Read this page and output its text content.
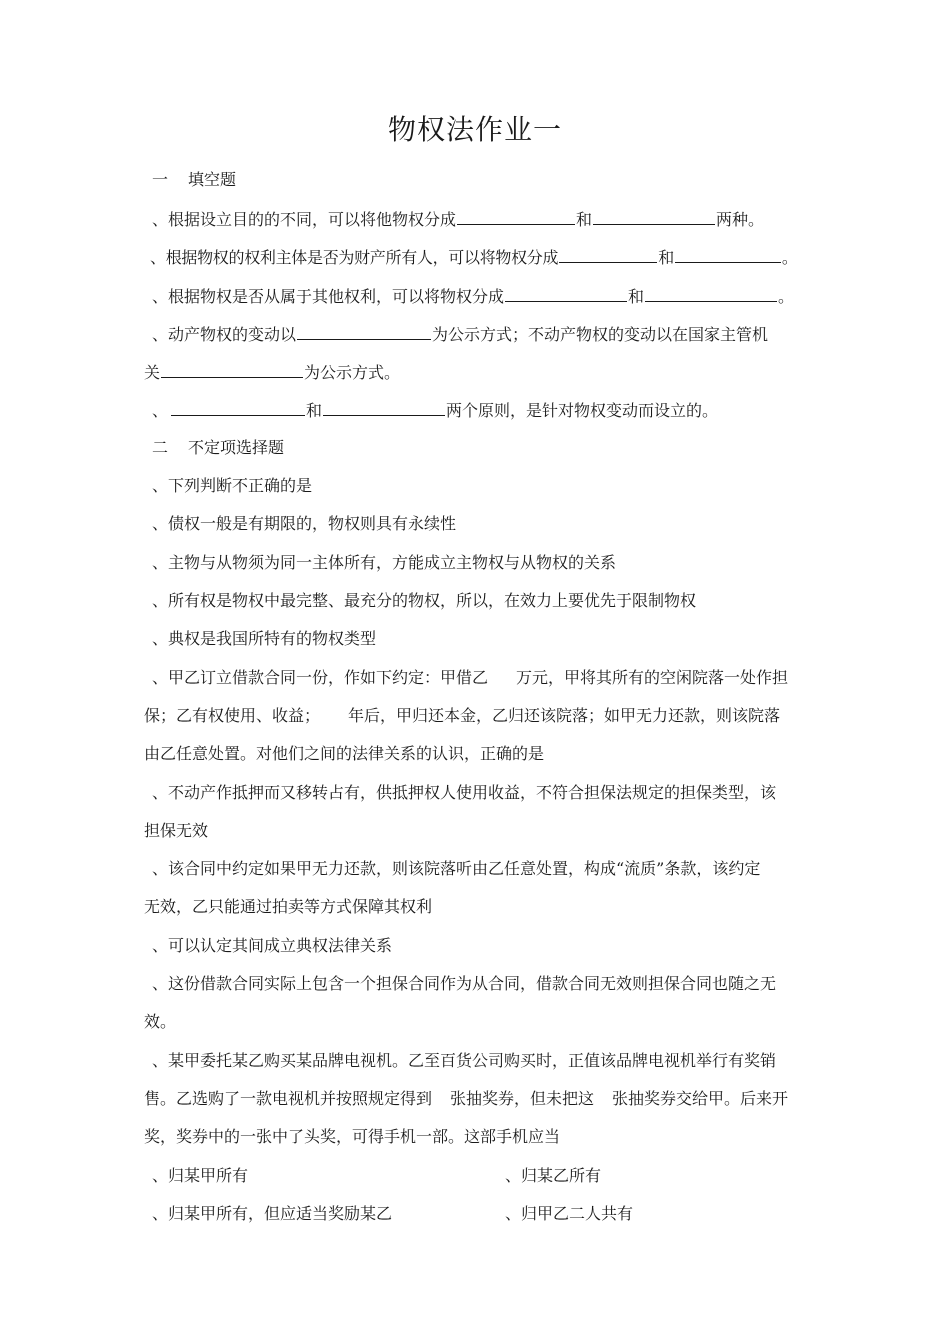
物权法作业一
一 填空题
、根据设立目的的不同，可以将他物权分成	和	两种。
、根据物权的权利主体是否为财产所有人，可以将物权分成	和	。
、根据物权是否从属于其他权利，可以将物权分成	和	。
、动产物权的变动以	为公示方式；不动产物权的变动以在国家主管机
关	为公示方式。
、	和	两个原则，是针对物权变动而设立的。
二 不定项选择题
、下列判断不正确的是
、债权一般是有期限的，物权则具有永续性
、主物与从物须为同一主体所有，方能成立主物权与从物权的关系
、所有权是物权中最完整、最充分的物权，所以，在效力上要优先于限制物权
、典权是我国所特有的物权类型
、甲乙订立借款合同一份，作如下约定：甲借乙 万元，甲将其所有的空闲院落一处作担
保；乙有权使用、收益； 年后，甲归还本金，乙归还该院落；如甲无力还款，则该院落
由乙任意处置。对他们之间的法律关系的认识，正确的是
、不动产作抵押而又移转占有，供抵押权人使用收益，不符合担保法规定的担保类型，该
担保无效
、该合同中约定如果甲无力还款，则该院落听由乙任意处置，构成“流质”条款，该约定
无效，乙只能通过拍卖等方式保障其权利
、可以认定其间成立典权法律关系
、这份借款合同实际上包含一个担保合同作为从合同，借款合同无效则担保合同也随之无
效。
、某甲委托某乙购买某品牌电视机。乙至百货公司购买时，正值该品牌电视机举行有奖销
售。乙选购了一款电视机并按照规定得到 张抽奖券，但未把这 张抽奖券交给甲。后来开
奖，奖券中的一张中了头奖，可得手机一部。这部手机应当
、归某甲所有	、归某乙所有
、归某甲所有，但应适当奖励某乙	、归甲乙二人共有
